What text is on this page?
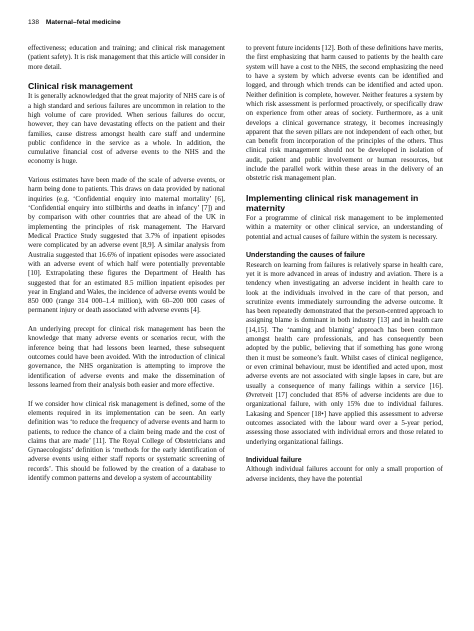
138 Maternal–fetal medicine

effectiveness; education and training; and clinical risk management (patient safety). It is risk management that this article will consider in more detail.

Clinical risk management

It is generally acknowledged that the great majority of NHS care is of a high standard and serious failures are uncommon in relation to the high volume of care provided. When serious failures do occur, however, they can have devastating effects on the patient and their families, cause distress amongst health care staff and undermine public confidence in the service as a whole. In addition, the cumulative financial cost of adverse events to the NHS and the economy is huge.

Various estimates have been made of the scale of adverse events, or harm being done to patients. This draws on data provided by national inquiries (e.g. ‘Confidential enquiry into maternal mortality’ [6], ‘Confidential enquiry into stillbirths and deaths in infancy’ [7]) and by comparison with other countries that are ahead of the UK in implementing the principles of risk management. The Harvard Medical Practice Study suggested that 3.7% of inpatient episodes were complicated by an adverse event [8,9]. A similar analysis from Australia suggested that 16.6% of inpatient episodes were associated with an adverse event of which half were potentially preventable [10]. Extrapolating these figures the Department of Health has suggested that for an estimated 8.5 million inpatient episodes per year in England and Wales, the incidence of adverse events would be 850 000 (range 314 000–1.4 million), with 60–200 000 cases of permanent injury or death associated with adverse events [4].

An underlying precept for clinical risk management has been the knowledge that many adverse events or scenarios recur, with the inference being that had lessons been learned, these subsequent outcomes could have been avoided. With the introduction of clinical governance, the NHS organization is attempting to improve the identification of adverse events and make the dissemination of lessons learned from their analysis both easier and more effective.

If we consider how clinical risk management is defined, some of the elements required in its implementation can be seen. An early definition was ‘to reduce the frequency of adverse events and harm to patients, to reduce the chance of a claim being made and the cost of claims that are made’ [11]. The Royal College of Obstetricians and Gynaecologists’ definition is ‘methods for the early identification of adverse events using either staff reports or systematic screening of records’. This should be followed by the creation of a database to identify common patterns and develop a system of accountability

to prevent future incidents [12]. Both of these definitions have merits, the first emphasizing that harm caused to patients by the health care system will have a cost to the NHS, the second emphasizing the need to have a system by which adverse events can be identified and logged, and through which trends can be identified and acted upon. Neither definition is complete, however. Neither features a system by which risk assessment is performed proactively, or specifically draw on experience from other areas of society. Furthermore, as a unit develops a clinical governance strategy, it becomes increasingly apparent that the seven pillars are not independent of each other, but can benefit from incorporation of the principles of the others. Thus clinical risk management should not be developed in isolation of audit, patient and public involvement or human resources, but include the parallel work within these areas in the delivery of an obstetric risk management plan.

Implementing clinical risk management in maternity

For a programme of clinical risk management to be implemented within a maternity or other clinical service, an understanding of potential and actual causes of failure within the system is necessary.

Understanding the causes of failure

Research on learning from failures is relatively sparse in health care, yet it is more advanced in areas of industry and aviation. There is a tendency when investigating an adverse incident in health care to look at the individuals involved in the care of that person, and scrutinize events immediately surrounding the adverse outcome. It has been repeatedly demonstrated that the person-centred approach to assigning blame is dominant in both industry [13] and in health care [14,15]. The ‘naming and blaming’ approach has been common amongst health care professionals, and has consequently been adopted by the public, believing that if something has gone wrong then it must be someone’s fault. Whilst cases of clinical negligence, or even criminal behaviour, must be identified and acted upon, most adverse events are not associated with single lapses in care, but are usually a consequence of many failings within a service [16]. Øvretveit [17] concluded that 85% of adverse incidents are due to organizational failure, with only 15% due to individual failures. Lakasing and Spencer [18•] have applied this assessment to adverse outcomes associated with the labour ward over a 5-year period, assessing those associated with individual errors and those related to underlying organizational failings.

Individual failure

Although individual failures account for only a small proportion of adverse incidents, they have the potential
